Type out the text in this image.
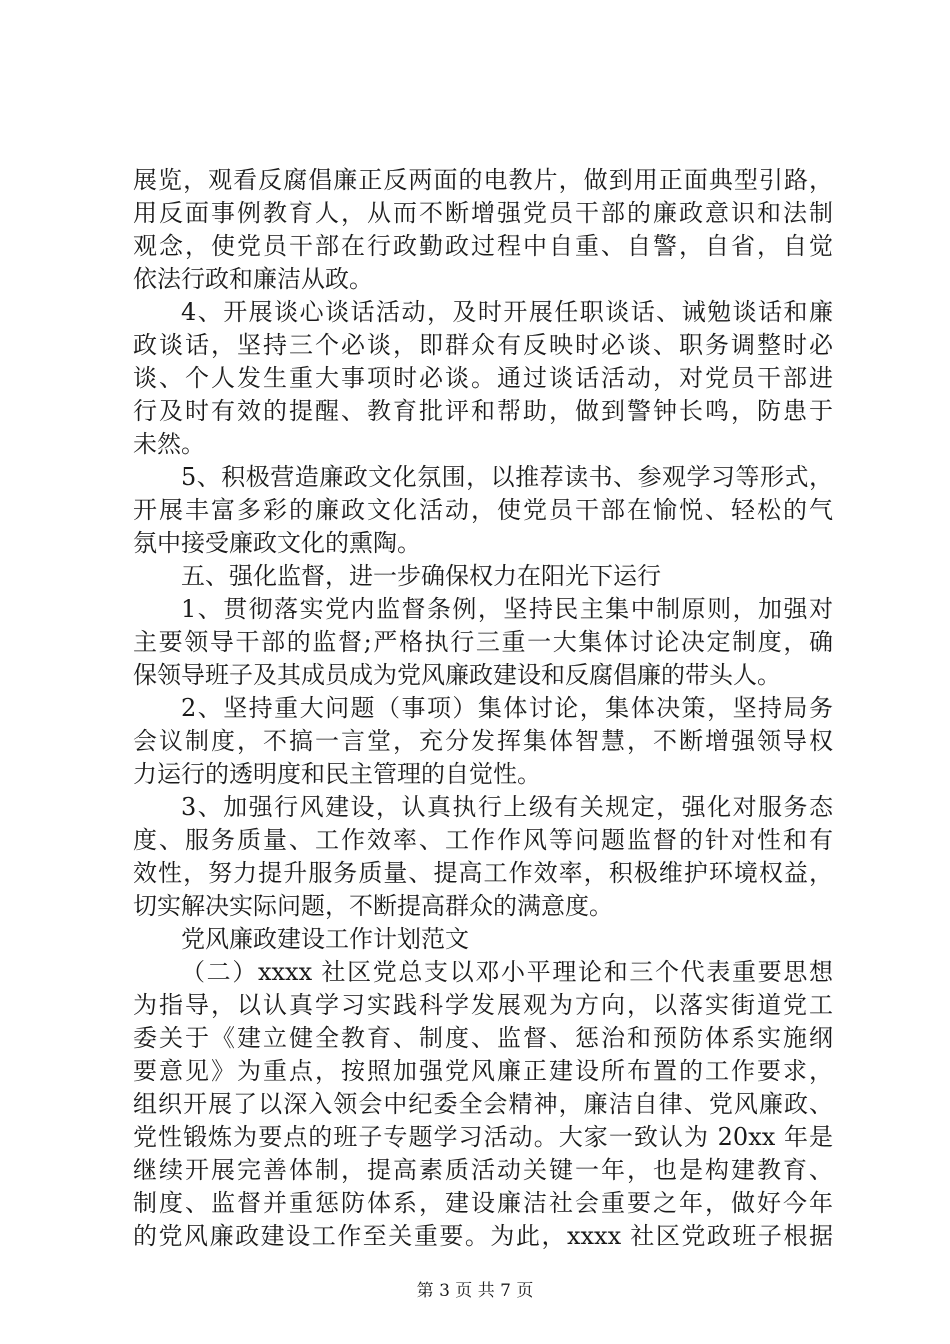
展览，观看反腐倡廉正反两面的电教片，做到用正面典型引路，
用反面事例教育人，从而不断增强党员干部的廉政意识和法制
观念，使党员干部在行政勤政过程中自重、自警，自省，自觉
依法行政和廉洁从政。
4、开展谈心谈话活动，及时开展任职谈话、诫勉谈话和廉
政谈话，坚持三个必谈，即群众有反映时必谈、职务调整时必
谈、个人发生重大事项时必谈。通过谈话活动，对党员干部进
行及时有效的提醒、教育批评和帮助，做到警钟长鸣，防患于
未然。
5、积极营造廉政文化氛围，以推荐读书、参观学习等形式，
开展丰富多彩的廉政文化活动，使党员干部在愉悦、轻松的气
氛中接受廉政文化的熏陶。
五、强化监督，进一步确保权力在阳光下运行
1、贯彻落实党内监督条例，坚持民主集中制原则，加强对
主要领导干部的监督;严格执行三重一大集体讨论决定制度，确
保领导班子及其成员成为党风廉政建设和反腐倡廉的带头人。
2、坚持重大问题（事项）集体讨论，集体决策，坚持局务
会议制度，不搞一言堂，充分发挥集体智慧，不断增强领导权
力运行的透明度和民主管理的自觉性。
3、加强行风建设，认真执行上级有关规定，强化对服务态
度、服务质量、工作效率、工作作风等问题监督的针对性和有
效性，努力提升服务质量、提高工作效率，积极维护环境权益，
切实解决实际问题，不断提高群众的满意度。
党风廉政建设工作计划范文
（二）xxxx 社区党总支以邓小平理论和三个代表重要思想
为指导，以认真学习实践科学发展观为方向，以落实街道党工
委关于《建立健全教育、制度、监督、惩治和预防体系实施纲
要意见》为重点，按照加强党风廉正建设所布置的工作要求，
组织开展了以深入领会中纪委全会精神，廉洁自律、党风廉政、
党性锻炼为要点的班子专题学习活动。大家一致认为 20xx 年是
继续开展完善体制，提高素质活动关键一年，也是构建教育、
制度、监督并重惩防体系，建设廉洁社会重要之年，做好今年
的党风廉政建设工作至关重要。为此，xxxx 社区党政班子根据
第 3 页 共 7 页
